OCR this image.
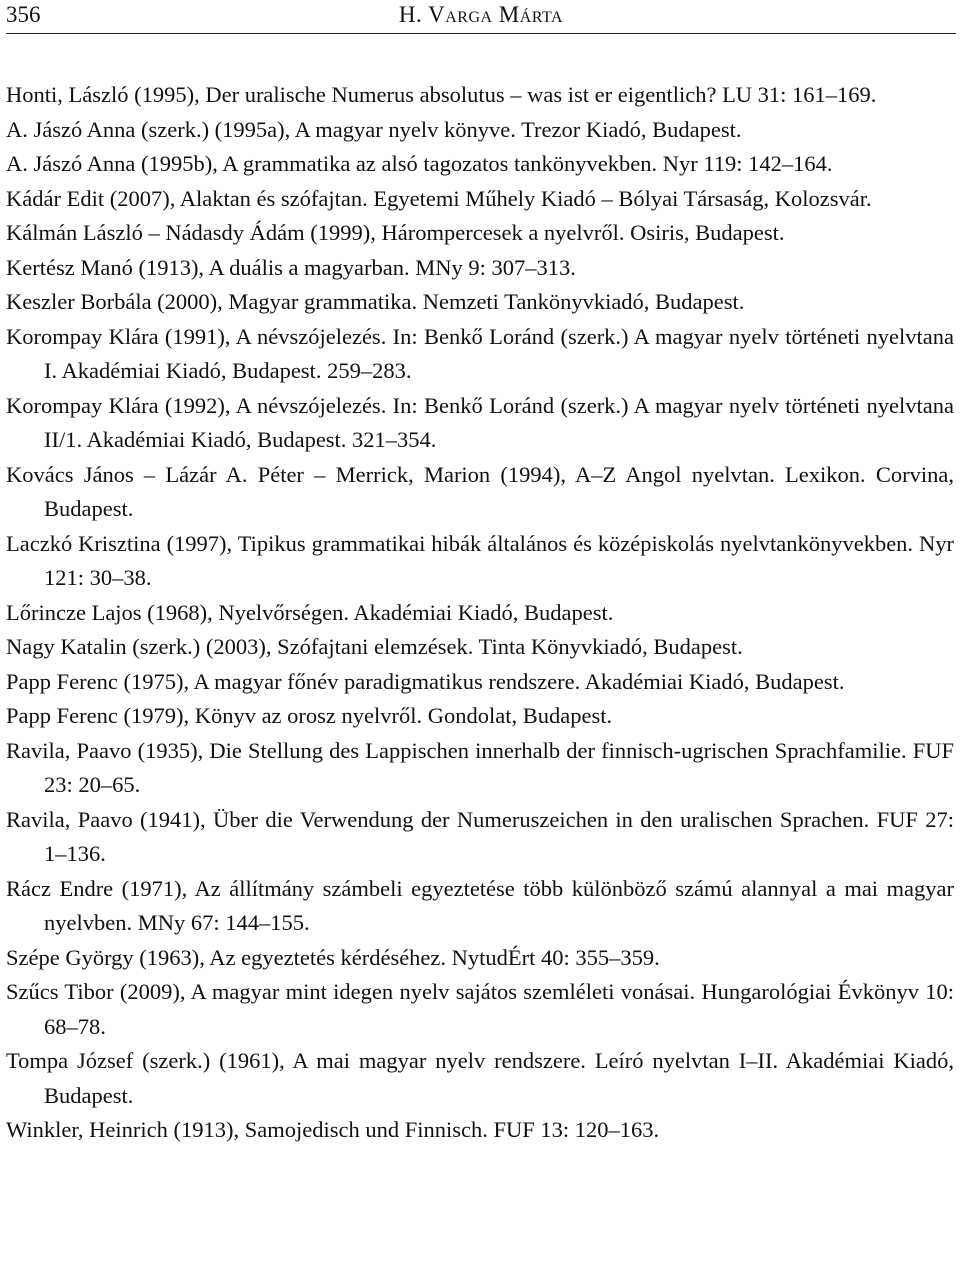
356	H. Varga Márta
Honti, László (1995), Der uralische Numerus absolutus – was ist er eigentlich? LU 31: 161–169.
A. Jászó Anna (szerk.) (1995a), A magyar nyelv könyve. Trezor Kiadó, Budapest.
A. Jászó Anna (1995b), A grammatika az alsó tagozatos tankönyvekben. Nyr 119: 142–164.
Kádár Edit (2007), Alaktan és szófajtan. Egyetemi Műhely Kiadó – Bólyai Társaság, Kolozsvár.
Kálmán László – Nádasdy Ádám (1999), Hárompercesek a nyelvről. Osiris, Budapest.
Kertész Manó (1913), A duális a magyarban. MNy 9: 307–313.
Keszler Borbála (2000), Magyar grammatika. Nemzeti Tankönyvkiadó, Budapest.
Korompay Klára (1991), A névszójelezés. In: Benkő Loránd (szerk.) A magyar nyelv történeti nyelvtana I. Akadémiai Kiadó, Budapest. 259–283.
Korompay Klára (1992), A névszójelezés. In: Benkő Loránd (szerk.) A magyar nyelv történeti nyelvtana II/1. Akadémiai Kiadó, Budapest. 321–354.
Kovács János – Lázár A. Péter – Merrick, Marion (1994), A–Z Angol nyelvtan. Lexikon. Corvina, Budapest.
Laczkó Krisztina (1997), Tipikus grammatikai hibák általános és középiskolás nyelvtankönyvekben. Nyr 121: 30–38.
Lőrincze Lajos (1968), Nyelvőrségen. Akadémiai Kiadó, Budapest.
Nagy Katalin (szerk.) (2003), Szófajtani elemzések. Tinta Könyvkiadó, Budapest.
Papp Ferenc (1975), A magyar főnév paradigmatikus rendszere. Akadémiai Kiadó, Budapest.
Papp Ferenc (1979), Könyv az orosz nyelvről. Gondolat, Budapest.
Ravila, Paavo (1935), Die Stellung des Lappischen innerhalb der finnisch-ugrischen Sprachfamilie. FUF 23: 20–65.
Ravila, Paavo (1941), Über die Verwendung der Numeruszeichen in den uralischen Sprachen. FUF 27: 1–136.
Rácz Endre (1971), Az állítmány számbeli egyeztetése több különböző számú alannyal a mai magyar nyelvben. MNy 67: 144–155.
Szépe György (1963), Az egyeztetés kérdéséhez. NytudÉrt 40: 355–359.
Szűcs Tibor (2009), A magyar mint idegen nyelv sajátos szemléleti vonásai. Hungarológiai Évkönyv 10: 68–78.
Tompa József (szerk.) (1961), A mai magyar nyelv rendszere. Leíró nyelvtan I–II. Akadémiai Kiadó, Budapest.
Winkler, Heinrich (1913), Samojedisch und Finnisch. FUF 13: 120–163.
